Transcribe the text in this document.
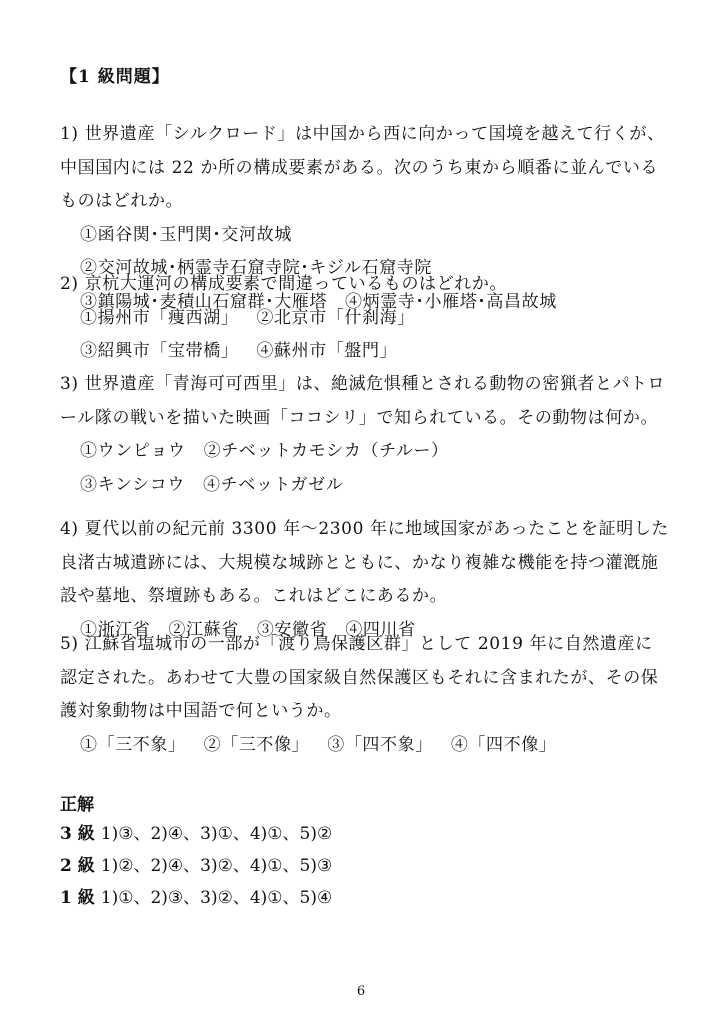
【1 級問題】

1) 世界遺産「シルクロード」は中国から西に向かって国境を越えて行くが、中国国内には 22 か所の構成要素がある。次のうち東から順番に並んでいるものはどれか。

①函谷関･玉門関･交河故城②交河故城･柄霊寺石窟寺院･キジル石窟寺院

③鎮陽城･麦積山石窟群･大雁塔 ④炳霊寺･小雁塔･高昌故城

2) 京杭大運河の構成要素で間違っているものはどれか。

①揚州市「痩西湖」 ②北京市「什刹海」

③紹興市「宝帯橋」 ④蘇州市「盤門」

3) 世界遺産「青海可可西里」は、絶滅危惧種とされる動物の密猟者とパトロール隊の戦いを描いた映画「ココシリ」で知られている。その動物は何か。

①ウンピョウ ②チベットカモシカ（チルー）

③キンシコウ ④チベットガゼル

4) 夏代以前の紀元前 3300 年～2300 年に地域国家があったことを証明した良渚古城遺跡には、大規模な城跡とともに、かなり複雑な機能を持つ灌漑施設や墓地、祭壇跡もある。これはどこにあるか。

①浙江省 ②江蘇省 ③安徽省 ④四川省

5) 江蘇省塩城市の一部が「渡り鳥保護区群」として 2019 年に自然遺産に認定された。あわせて大豊の国家級自然保護区もそれに含まれたが、その保護対象動物は中国語で何というか。

①「三不象」 ②「三不像」 ③「四不象」 ④「四不像」

正解
3 級 1)③、2)④、3)①、4)①、5)②
2 級 1)②、2)④、3)②、4)①、5)③
1 級 1)①、2)③、3)②、4)①、5)④
6
